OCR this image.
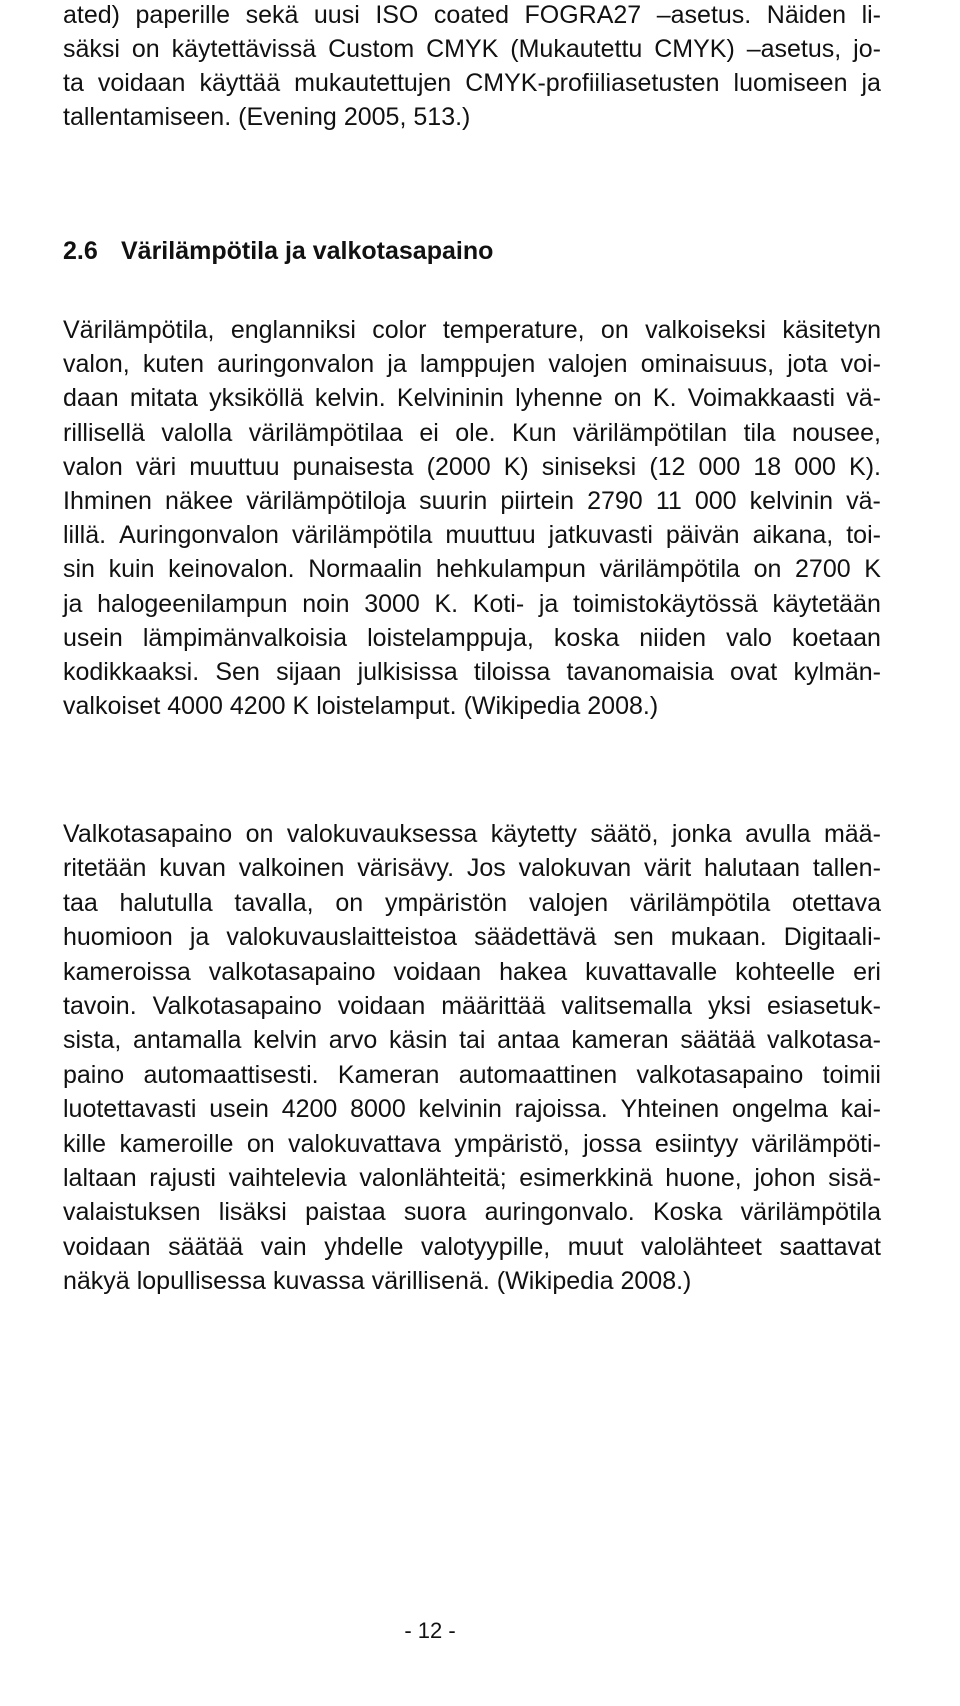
ated) paperille sekä uusi ISO coated FOGRA27 –asetus. Näiden li-
säksi on käytettävissä Custom CMYK (Mukautettu CMYK) –asetus, jo-
ta voidaan käyttää mukautettujen CMYK-profiiliasetusten luomiseen ja
tallentamiseen. (Evening 2005, 513.)
2.6 Värilämpötila ja valkotasapaino
Värilämpötila, englanniksi color temperature, on valkoiseksi käsitetyn
valon, kuten auringonvalon ja lamppujen valojen ominaisuus, jota voi-
daan mitata yksiköllä kelvin. Kelvininin lyhenne on K. Voimakkaasti vä-
rillisellä valolla värilämpötilaa ei ole. Kun värilämpötilan tila nousee,
valon väri muuttuu punaisesta (2000 K) siniseksi (12 000 18 000 K).
Ihminen näkee värilämpötiloja suurin piirtein 2790 11 000 kelvinin vä-
lillä. Auringonvalon värilämpötila muuttuu jatkuvasti päivän aikana, toi-
sin kuin keinovalon. Normaalin hehkulampun värilämpötila on 2700 K
ja halogeenilampun noin 3000 K. Koti- ja toimistokäytössä käytetään
usein lämpimänvalkoisia loistelamppuja, koska niiden valo koetaan
kodikkaaksi. Sen sijaan julkisissa tiloissa tavanomaisia ovat kylmän-
valkoiset 4000 4200 K loistelamput. (Wikipedia 2008.)
Valkotasapaino on valokuvauksessa käytetty säätö, jonka avulla mää-
ritetään kuvan valkoinen värisävy. Jos valokuvan värit halutaan tallen-
taa halutulla tavalla, on ympäristön valojen värilämpötila otettava
huomioon ja valokuvauslaitteistoa säädettävä sen mukaan. Digitaali-
kameroissa valkotasapaino voidaan hakea kuvattavalle kohteelle eri
tavoin. Valkotasapaino voidaan määrittää valitsemalla yksi esiasetuk-
sista, antamalla kelvin arvo käsin tai antaa kameran säätää valkotasa-
paino automaattisesti. Kameran automaattinen valkotasapaino toimii
luotettavasti usein 4200 8000 kelvinin rajoissa. Yhteinen ongelma kai-
kille kameroille on valokuvattava ympäristö, jossa esiintyy värilämpöti-
laltaan rajusti vaihtelevia valonlähteitä; esimerkkinä huone, johon sisä-
valaistuksen lisäksi paistaa suora auringonvalo. Koska värilämpötila
voidaan säätää vain yhdelle valotyypille, muut valolähteet saattavat
näkyä lopullisessa kuvassa värillisenä. (Wikipedia 2008.)
- 12 -
